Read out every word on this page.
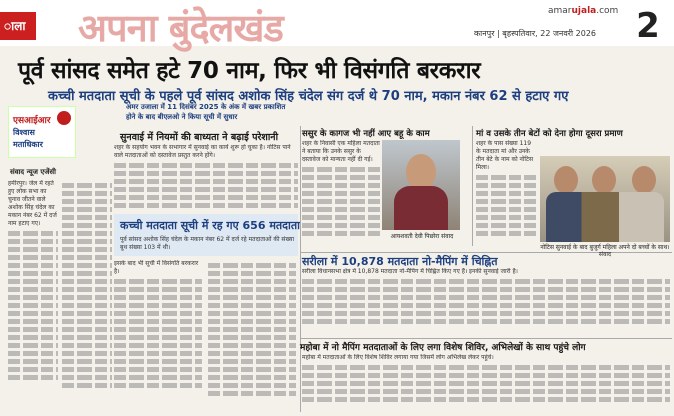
ाला अपना बुंदेलखंड	amarujala.com
कानपुर | बृहस्पतिवार, 22 जनवरी 2026 2
पूर्व सांसद समेत हटे 70 नाम, फिर भी विसंगति बरकरार
कच्ची मतदाता सूची के पहले पूर्व सांसद अशोक सिंह चंदेल संग दर्ज थे 70 नाम, मकान नंबर 62 से हटाए गए
एसआईआर
विश्वास
मताधिकार
संवाद न्यूज एजेंसी

हमीरपुर। जेल में रहते हुए लोक सभा का चुनाव जीतने वाले अशोक सिंह चंदेल का मकान नंबर 62 में दर्ज नाम हटाए गए।

अमर उजाला में 11 दिसंबर 2025 के अंक में खबर प्रकाशित होने के बाद बीएलओ ने किया सूची में सुधार
सुनवाई में नियमों की बाध्यता ने बढ़ाई परेशानी

शहर के सहयोग भवन के सभागार में सुनवाई का कार्य शुरू हो चुका है। नोटिस पाने वाले मतदाताओं को दस्तावेज प्रस्तुत करने होंगे।

कच्ची मतदाता सूची में रह गए 656 मतदाता
पूर्व सांसद अशोक सिंह चंदेल के मकान नंबर 62 में दर्ज रहे मतदाताओं की संख्या बूथ संख्या 103 में थी।

इसके बाद भी सूची में विसंगति बरकरार है।

ससुर के कागज भी नहीं आए बहू के काम

शहर के निवासी एक महिला मतदाता ने बताया कि उनके ससुर के दस्तावेज को मान्यता नहीं दी गई।

आयशवती देवी पिछोरा संवाद
मां व उसके तीन बेटों को देना होगा दूसरा प्रमाण

शहर के पास संख्या 119 के मतदाता मां और उनके तीन बेटे के नाम को नोटिस मिला।

नोटिस सुनवाई के बाद बुजुर्ग महिला अपने दो बच्चों के साथ। संवाद
सरीला में 10,878 मतदाता नो-मैपिंग में चिह्नित

सरीला विधानसभा क्षेत्र में 10,878 मतदाता नो-मैपिंग में चिह्नित किए गए हैं। इनकी सुनवाई जारी है।

महोबा में नो मैपिंग मतदाताओं के लिए लगा विशेष शिविर, अभिलेखों के साथ पहुंचे लोग

महोबा में मतदाताओं के लिए विशेष शिविर लगाया गया जिसमें लोग अभिलेख लेकर पहुंचे।
